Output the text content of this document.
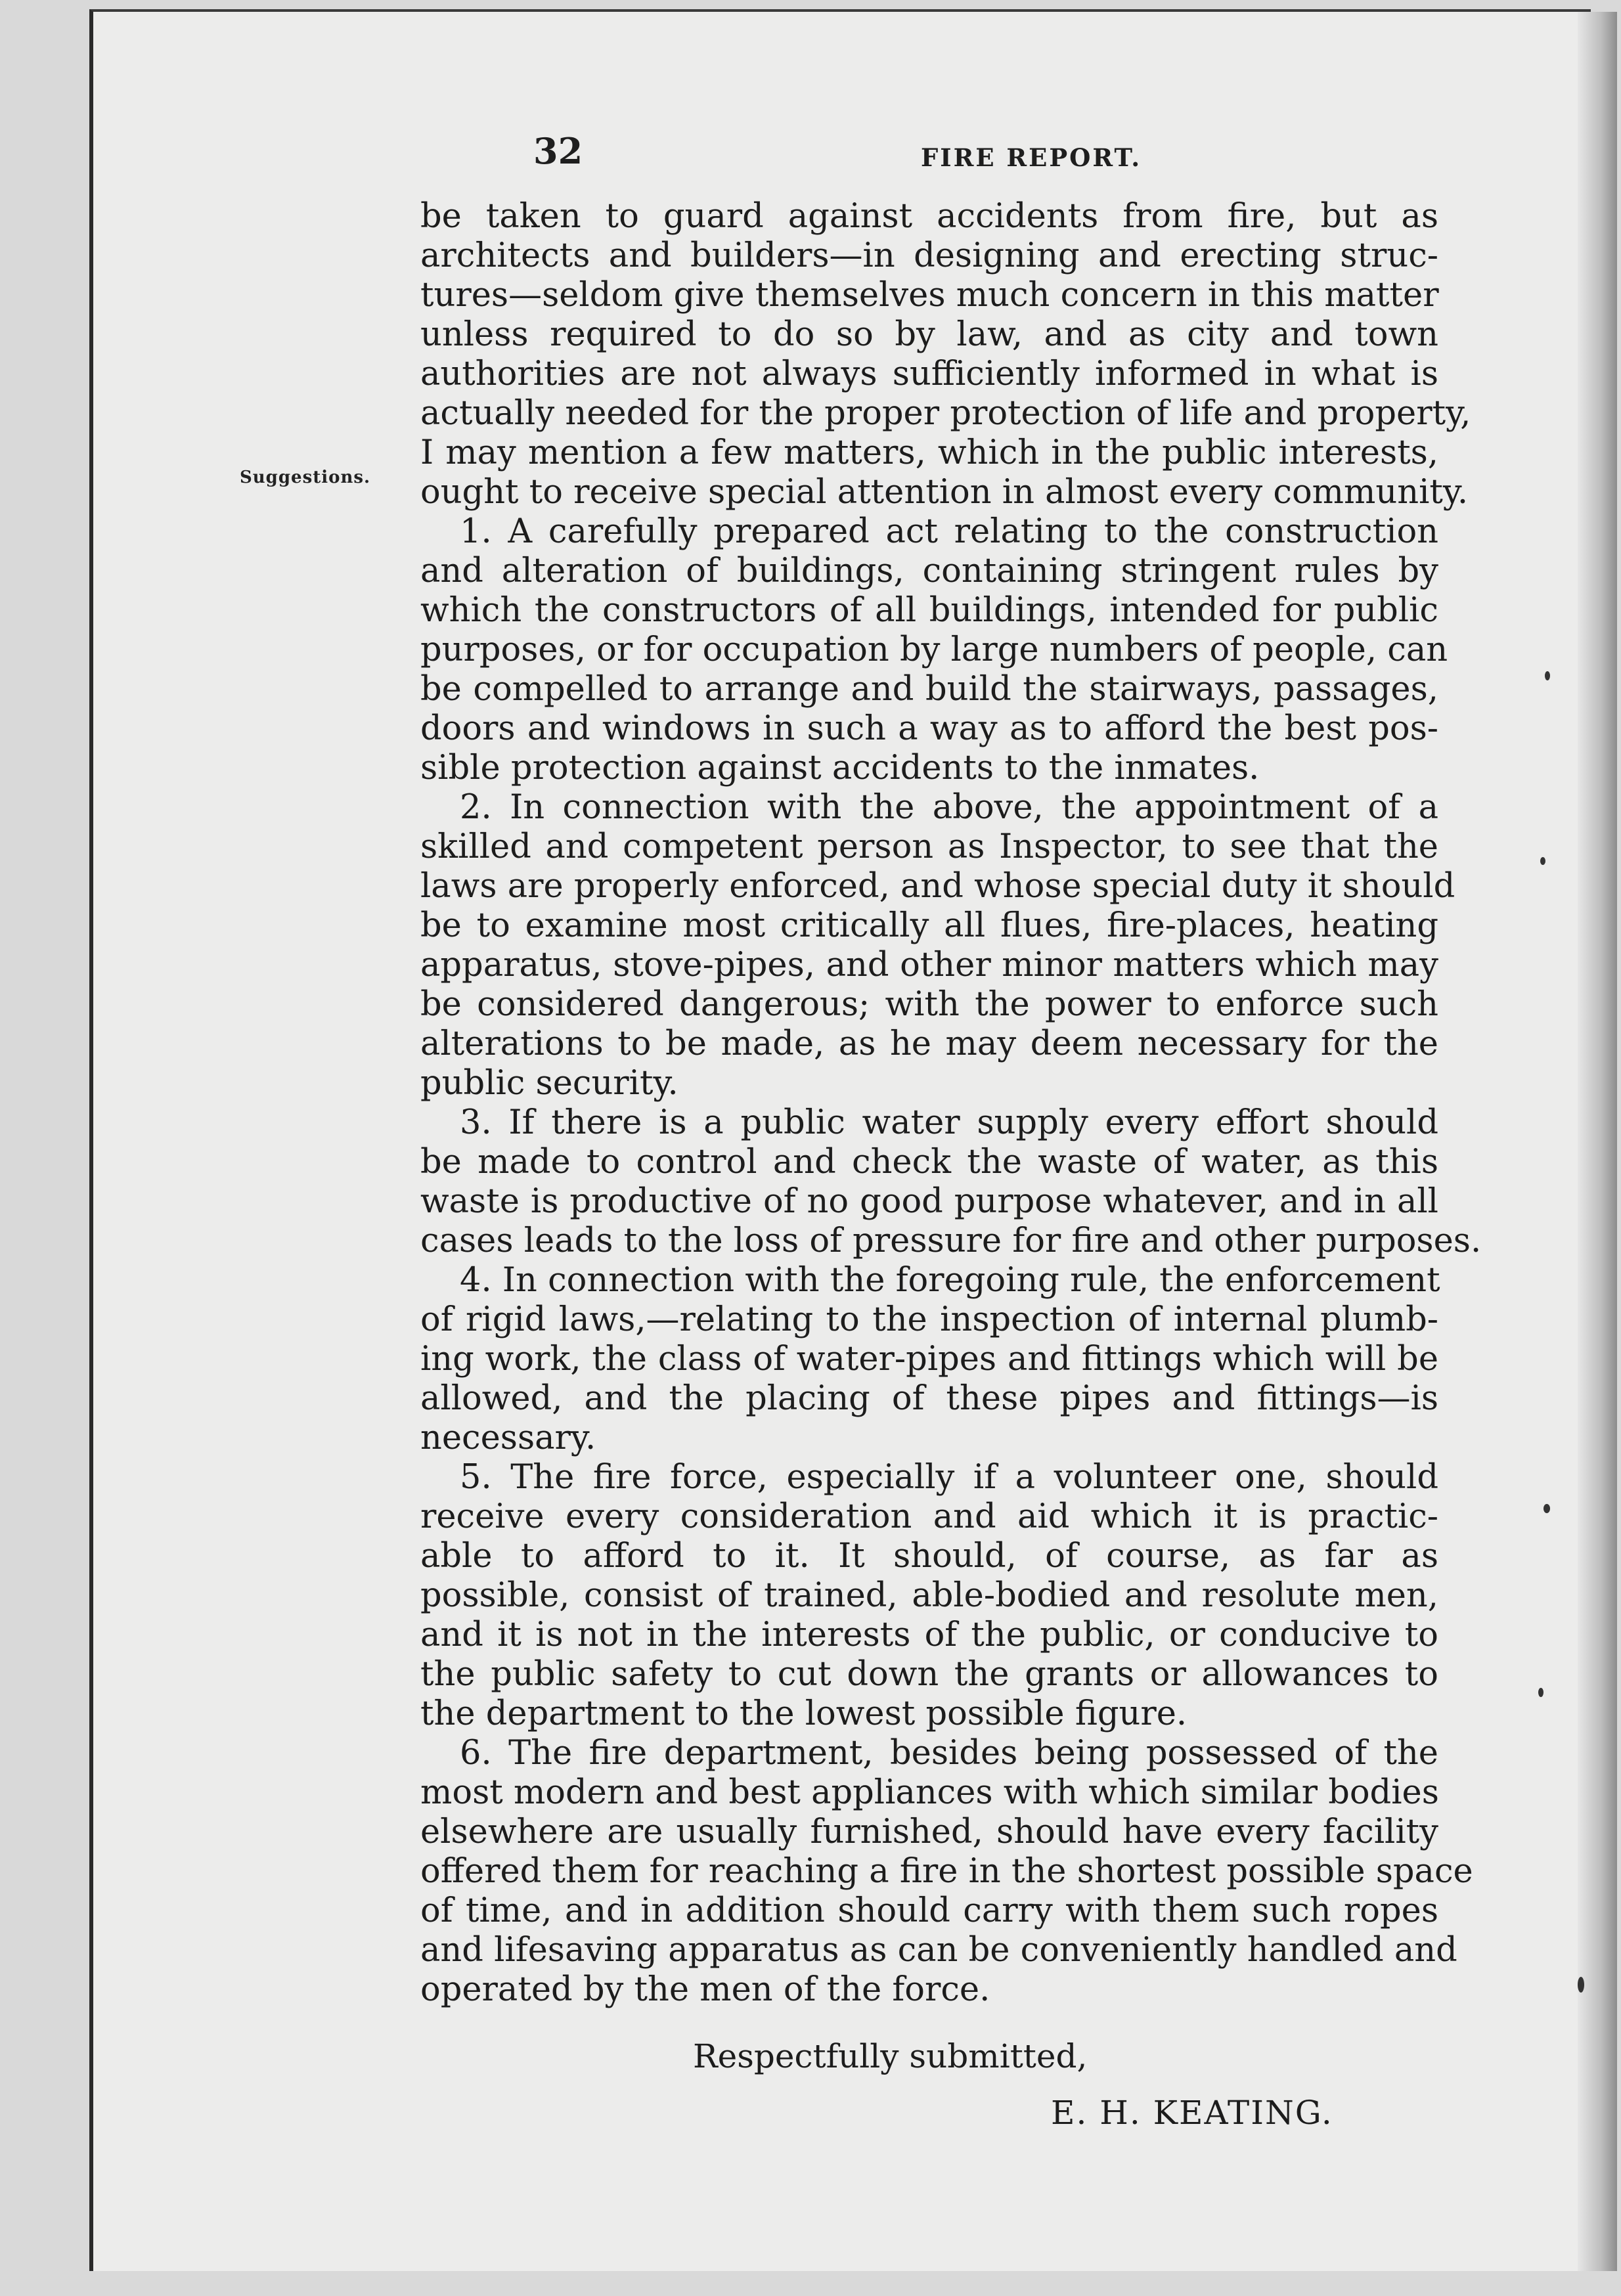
32	FIRE REPORT.
Suggestions.
be taken to guard against accidents from fire, but as
architects and builders—in designing and erecting struc-
tures—seldom give themselves much concern in this matter
unless required to do so by law, and as city and town
authorities are not always sufficiently informed in what is
actually needed for the proper protection of life and property,
I may mention a few matters, which in the public interests,
ought to receive special attention in almost every community.
1. A carefully prepared act relating to the construction
and alteration of buildings, containing stringent rules by
which the constructors of all buildings, intended for public
purposes, or for occupation by large numbers of people, can
be compelled to arrange and build the stairways, passages,
doors and windows in such a way as to afford the best pos-
sible protection against accidents to the inmates.
2. In connection with the above, the appointment of a
skilled and competent person as Inspector, to see that the
laws are properly enforced, and whose special duty it should
be to examine most critically all flues, fire-places, heating
apparatus, stove-pipes, and other minor matters which may
be considered dangerous; with the power to enforce such
alterations to be made, as he may deem necessary for the
public security.
3. If there is a public water supply every effort should
be made to control and check the waste of water, as this
waste is productive of no good purpose whatever, and in all
cases leads to the loss of pressure for fire and other purposes.
4. In connection with the foregoing rule, the enforcement
of rigid laws,—relating to the inspection of internal plumb-
ing work, the class of water-pipes and fittings which will be
allowed, and the placing of these pipes and fittings—is
necessary.
5. The fire force, especially if a volunteer one, should
receive every consideration and aid which it is practic-
able to afford to it. It should, of course, as far as
possible, consist of trained, able-bodied and resolute men,
and it is not in the interests of the public, or conducive to
the public safety to cut down the grants or allowances to
the department to the lowest possible figure.
6. The fire department, besides being possessed of the
most modern and best appliances with which similar bodies
elsewhere are usually furnished, should have every facility
offered them for reaching a fire in the shortest possible space
of time, and in addition should carry with them such ropes
and lifesaving apparatus as can be conveniently handled and
operated by the men of the force.
Respectfully submitted,
E. H. KEATING.
